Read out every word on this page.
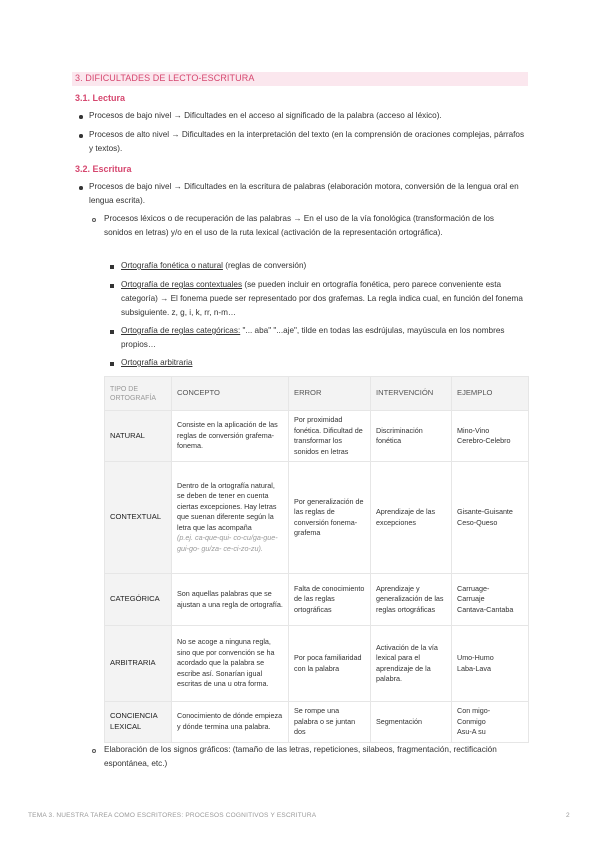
3. DIFICULTADES DE LECTO-ESCRITURA
3.1. Lectura
Procesos de bajo nivel → Dificultades en el acceso al significado de la palabra (acceso al léxico).
Procesos de alto nivel → Dificultades en la interpretación del texto (en la comprensión de oraciones complejas, párrafos y textos).
3.2. Escritura
Procesos de bajo nivel → Dificultades en la escritura de palabras (elaboración motora, conversión de la lengua oral en lengua escrita).
Procesos léxicos o de recuperación de las palabras → En el uso de la vía fonológica (transformación de los sonidos en letras) y/o en el uso de la ruta lexical (activación de la representación ortográfica).
Ortografía fonética o natural (reglas de conversión)
Ortografía de reglas contextuales (se pueden incluir en ortografía fonética, pero parece conveniente esta categoría) → El fonema puede ser representado por dos grafemas. La regla indica cual, en función del fonema subsiguiente. z, g, i, k, rr, n-m…
Ortografía de reglas categóricas: "... aba" "...aje", tilde en todas las esdrújulas, mayúscula en los nombres propios…
Ortografía arbitraria
TIPO DE ORTOGRAFÍA	CONCEPTO	ERROR	INTERVENCIÓN	EJEMPLO
NATURAL	Consiste en la aplicación de las reglas de conversión grafema- fonema.	Por proximidad fonética. Dificultad de transformar los sonidos en letras	Discriminación fonética	Mino-Vino
Cerebro-Celebro
CONTEXTUAL	Dentro de la ortografía natural, se deben de tener en cuenta ciertas excepciones. Hay letras que suenan diferente según la letra que las acompaña
(p.ej. ca-que-qui- co-cu/ga-gue- gui-go- gu/za- ce-ci-zo-zu).	Por generalización de las reglas de conversión fonema-grafema	Aprendizaje de las excepciones	Gisante-Guisante
Ceso-Queso
CATEGÓRICA	Son aquellas palabras que se ajustan a una regla de ortografía.	Falta de conocimiento de las reglas ortográficas	Aprendizaje y generalización de las reglas ortográficas	Carruage-
Carruaje
Cantava-Cantaba
ARBITRARIA	No se acoge a ninguna regla, sino que por convención se ha acordado que la palabra se escribe así. Sonarían igual escritas de una u otra forma.	Por poca familiaridad con la palabra	Activación de la vía lexical para el aprendizaje de la palabra.	Umo-Humo
Laba-Lava
CONCIENCIA LEXICAL	Conocimiento de dónde empieza y dónde termina una palabra.	Se rompe una palabra o se juntan dos	Segmentación	Con migo-
Conmigo
Asu-A su
Elaboración de los signos gráficos: (tamaño de las letras, repeticiones, silabeos, fragmentación, rectificación espontánea, etc.)
TEMA 3. NUESTRA TAREA COMO ESCRITORES: PROCESOS COGNITIVOS Y ESCRITURA	2
